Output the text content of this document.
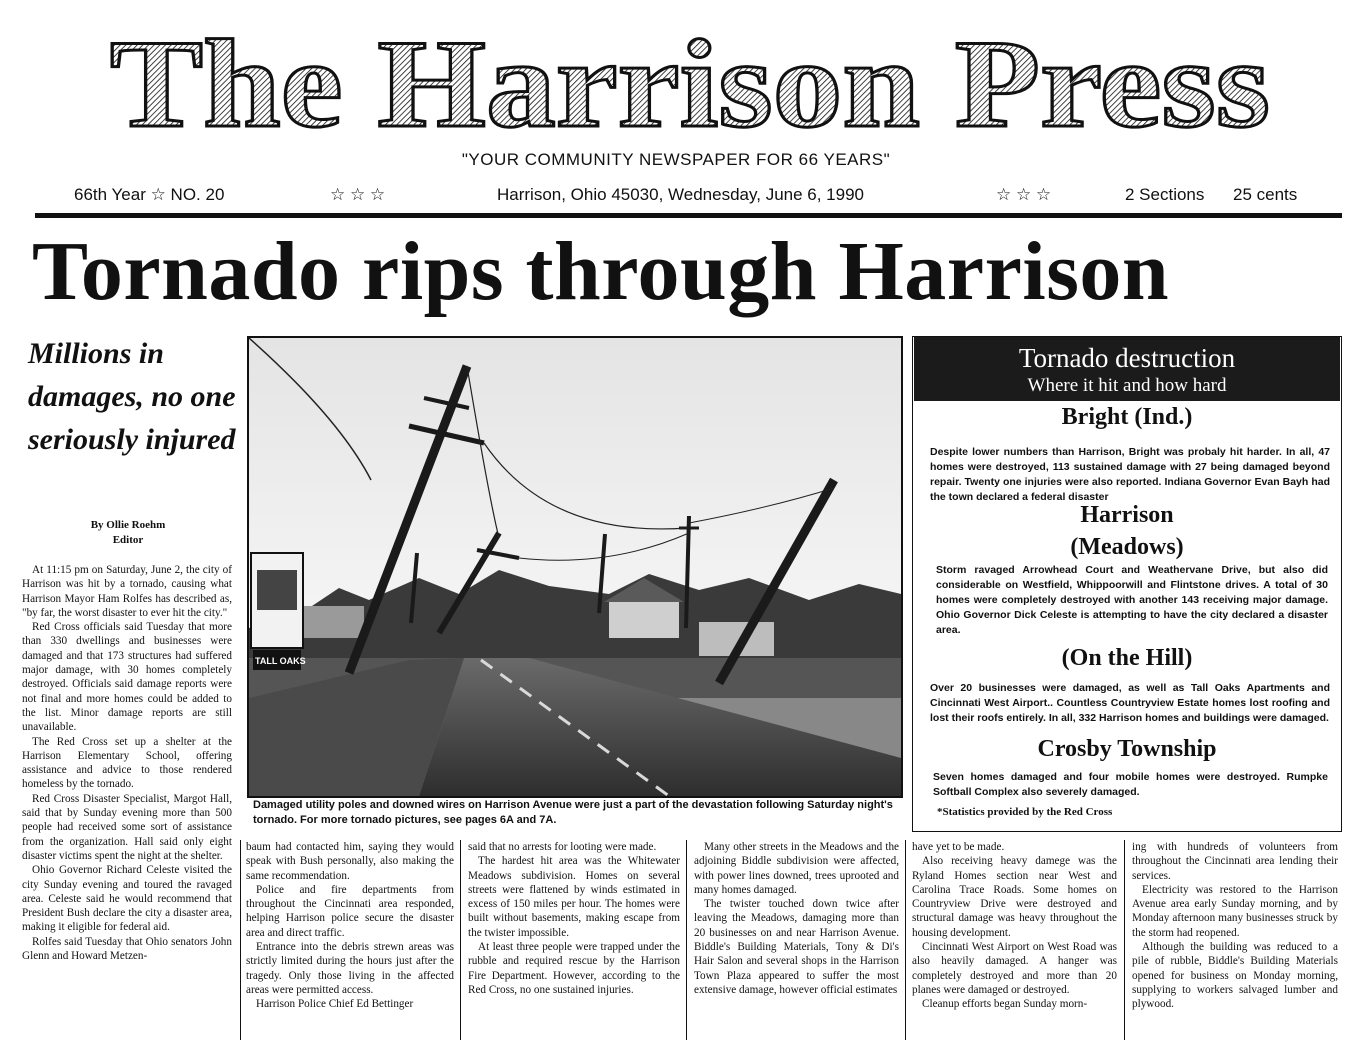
The Harrison Press
"YOUR COMMUNITY NEWSPAPER FOR 66 YEARS"
66th Year ☆ NO. 20	☆ ☆ ☆	Harrison, Ohio 45030, Wednesday, June 6, 1990	☆ ☆ ☆	2 Sections 25 cents
Tornado rips through Harrison
Millions in damages, no one seriously injured
By Ollie Roehm
Editor

At 11:15 pm on Saturday, June 2, the city of Harrison was hit by a tornado, causing what Harrison Mayor Ham Rolfes has described as, "by far, the worst disaster to ever hit the city."

Red Cross officials said Tuesday that more than 330 dwellings and businesses were damaged and that 173 structures had suffered major damage, with 30 homes completely destroyed. Officials said damage reports were not final and more homes could be added to the list. Minor damage reports are still unavailable.

The Red Cross set up a shelter at the Harrison Elementary School, offering assistance and advice to those rendered homeless by the tornado.

Red Cross Disaster Specialist, Margot Hall, said that by Sunday evening more than 500 people had received some sort of assistance from the organization. Hall said only eight disaster victims spent the night at the shelter.

Ohio Governor Richard Celeste visited the city Sunday evening and toured the ravaged area. Celeste said he would recommend that President Bush declare the city a disaster area, making it eligible for federal aid.

Rolfes said Tuesday that Ohio senators John Glenn and Howard Metzen-

TALL OAKS
Damaged utility poles and downed wires on Harrison Avenue were just a part of the devastation following Saturday night's tornado. For more tornado pictures, see pages 6A and 7A.
Tornado destruction
Where it hit and how hard
Bright (Ind.)
Despite lower numbers than Harrison, Bright was probaly hit harder. In all, 47 homes were destroyed, 113 sustained damage with 27 being damaged beyond repair. Twenty one injuries were also reported. Indiana Governor Evan Bayh had the town declared a federal disaster
Harrison
(Meadows)
Storm ravaged Arrowhead Court and Weathervane Drive, but also did considerable on Westfield, Whippoorwill and Flintstone drives. A total of 30 homes were completely destroyed with another 143 receiving major damage. Ohio Governor Dick Celeste is attempting to have the city declared a disaster area.
(On the Hill)
Over 20 businesses were damaged, as well as Tall Oaks Apartments and Cincinnati West Airport.. Countless Countryview Estate homes lost roofing and lost their roofs entirely. In all, 332 Harrison homes and buildings were damaged.
Crosby Township
Seven homes damaged and four mobile homes were destroyed. Rumpke Softball Complex also severely damaged.
*Statistics provided by the Red Cross

baum had contacted him, saying they would speak with Bush personally, also making the same recommendation.

Police and fire departments from throughout the Cincinnati area responded, helping Harrison police secure the disaster area and direct traffic.

Entrance into the debris strewn areas was strictly limited during the hours just after the tragedy. Only those living in the affected areas were permitted access.

Harrison Police Chief Ed Bettinger

said that no arrests for looting were made.

The hardest hit area was the Whitewater Meadows subdivision. Homes on several streets were flattened by winds estimated in excess of 150 miles per hour. The homes were built without basements, making escape from the twister impossible.

At least three people were trapped under the rubble and required rescue by the Harrison Fire Department. However, according to the Red Cross, no one sustained injuries.

Many other streets in the Meadows and the adjoining Biddle subdivision were affected, with power lines downed, trees uprooted and many homes damaged.

The twister touched down twice after leaving the Meadows, damaging more than 20 businesses on and near Harrison Avenue. Biddle's Building Materials, Tony & Di's Hair Salon and several shops in the Harrison Town Plaza appeared to suffer the most extensive damage, however official estimates

have yet to be made.

Also receiving heavy damege was the Ryland Homes section near West and Carolina Trace Roads. Some homes on Countryview Drive were destroyed and structural damage was heavy throughout the housing development.

Cincinnati West Airport on West Road was also heavily damaged. A hanger was completely destroyed and more than 20 planes were damaged or destroyed.

Cleanup efforts began Sunday morn-

ing with hundreds of volunteers from throughout the Cincinnati area lending their services.

Electricity was restored to the Harrison Avenue area early Sunday morning, and by Monday afternoon many businesses struck by the storm had reopened.

Although the building was reduced to a pile of rubble, Biddle's Building Materials opened for business on Monday morning, supplying to workers salvaged lumber and plywood.
